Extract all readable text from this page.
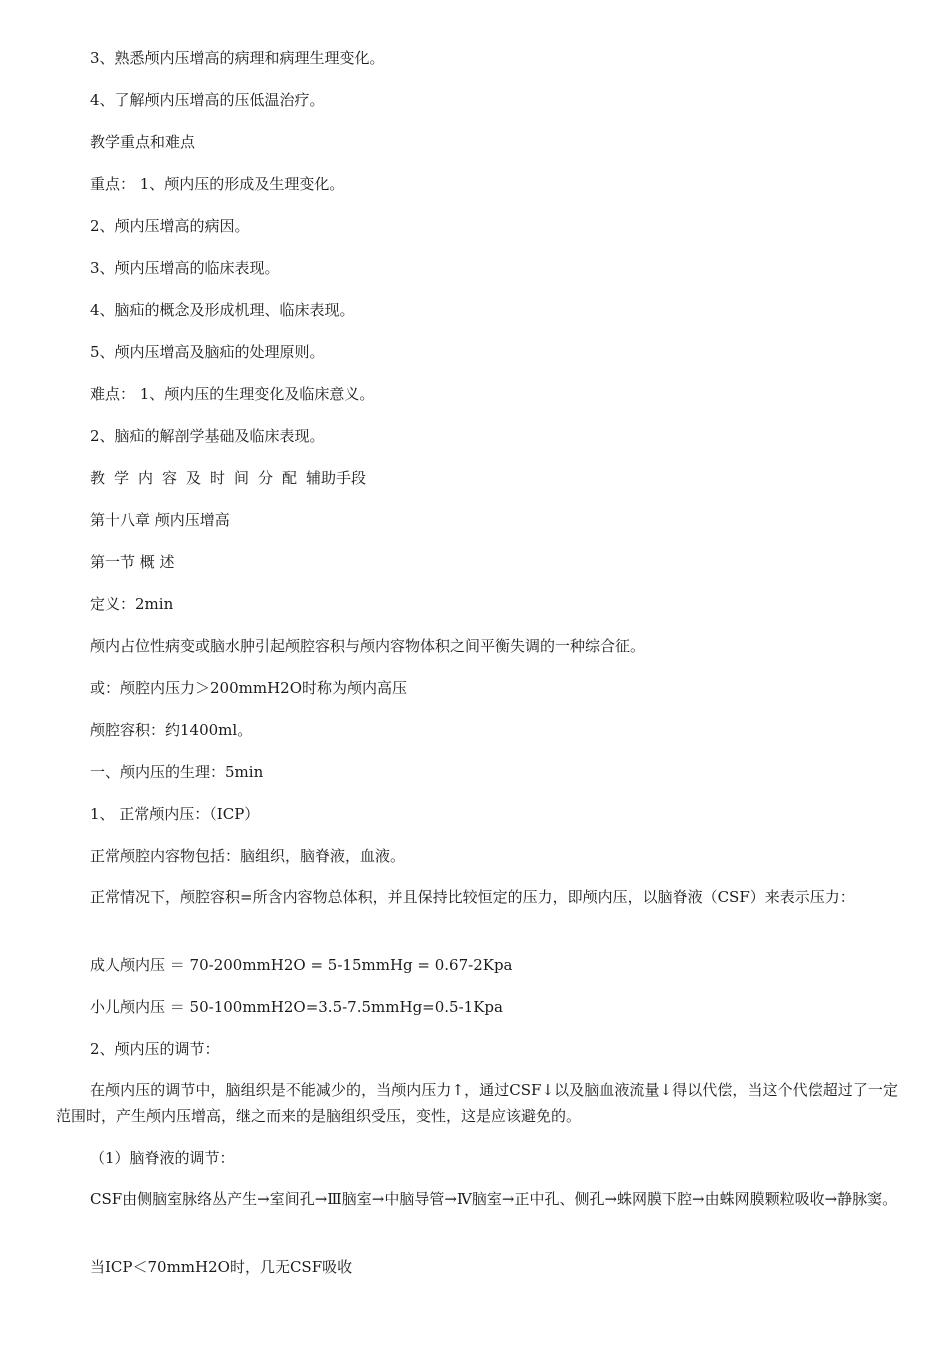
3、熟悉颅内压增高的病理和病理生理变化。
4、了解颅内压增高的压低温治疗。
教学重点和难点
重点： 1、颅内压的形成及生理变化。
2、颅内压增高的病因。
3、颅内压增高的临床表现。
4、脑疝的概念及形成机理、临床表现。
5、颅内压增高及脑疝的处理原则。
难点： 1、颅内压的生理变化及临床意义。
2、脑疝的解剖学基础及临床表现。
教学内容及时间分配辅助手段
第十八章 颅内压增高
第一节 概 述
定义：2min
颅内占位性病变或脑水肿引起颅腔容积与颅内容物体积之间平衡失调的一种综合征。
或：颅腔内压力＞200mmH2O时称为颅内高压
颅腔容积：约1400ml。
一、颅内压的生理：5min
1、 正常颅内压：（ICP）
正常颅腔内容物包括：脑组织，脑脊液，血液。
正常情况下，颅腔容积=所含内容物总体积，并且保持比较恒定的压力，即颅内压，以脑脊液（CSF）来表示压力：
成人颅内压 ＝ 70-200mmH2O = 5-15mmHg = 0.67-2Kpa
小儿颅内压 ＝ 50-100mmH2O=3.5-7.5mmHg=0.5-1Kpa
2、颅内压的调节：
在颅内压的调节中，脑组织是不能减少的，当颅内压力↑，通过CSF↓以及脑血液流量↓得以代偿，当这个代偿超过了一定范围时，产生颅内压增高，继之而来的是脑组织受压，变性，这是应该避免的。
（1）脑脊液的调节：
CSF由侧脑室脉络丛产生→室间孔→Ⅲ脑室→中脑导管→Ⅳ脑室→正中孔、侧孔→蛛网膜下腔→由蛛网膜颗粒吸收→静脉窦。
当ICP＜70mmH2O时，几无CSF吸收
